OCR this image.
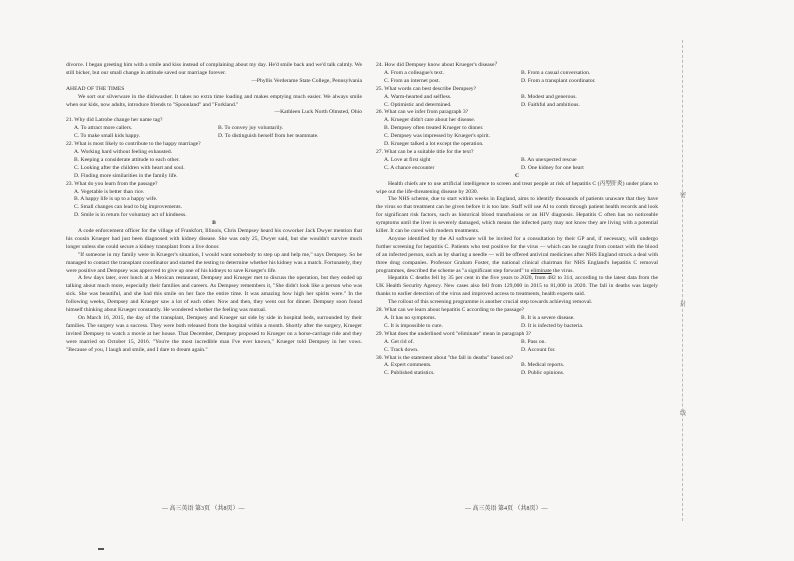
divorce. I began greeting him with a smile and kiss instead of complaining about my day. He'd smile back and we'd talk calmly. We still bicker, but our small change in attitude saved our marriage forever.

—Phyllis Verderame State College, Pennsylvania

AHEAD OF THE TIMES

We sort our silverware in the dishwasher. It takes no extra time loading and makes emptying much easier. We always smile when our kids, now adults, introduce friends to "Spoonland" and "Forkland."

—Kathleen Luck North Olmsted, Ohio

21. Why did Latrobe change her name tag?

A. To attract more callers.	B. To convey joy voluntarily.
C. To make small kids happy.	D. To distinguish herself from her teammate.

22. What is most likely to contribute to the happy marriage?

A. Working hard without feeling exhausted.
B. Keeping a considerate attitude to each other.
C. Looking after the children with heart and soul.
D. Finding more similarities in the family life.

23. What do you learn from the passage?

A. Vegetable is better than rice.
B. A happy life is up to a happy wife.
C. Small changes can lead to big improvements.
D. Smile is in return for voluntary act of kindness.

B

A code enforcement officer for the village of Frankfort, Illinois, Chris Dempsey heard his coworker Jack Dwyer mention that his cousin Krueger had just been diagnosed with kidney disease. She was only 25, Dwyer said, but she wouldn't survive much longer unless she could secure a kidney transplant from a live donor.

"If someone in my family were in Krueger's situation, I would want somebody to step up and help me," says Dempsey. So he managed to contact the transplant coordinator and started the testing to determine whether his kidney was a match. Fortunately, they were positive and Dempsey was approved to give up one of his kidneys to save Krueger's life.

A few days later, over lunch at a Mexican restaurant, Dempsey and Krueger met to discuss the operation, but they ended up talking about much more, especially their families and careers. As Dempsey remembers it, "She didn't look like a person who was sick. She was beautiful, and she had this smile on her face the entire time. It was amazing how high her spirits were." In the following weeks, Dempsey and Krueger saw a lot of each other. Now and then, they went out for dinner. Dempsey soon found himself thinking about Krueger constantly. He wondered whether the feeling was mutual.

On March 16, 2015, the day of the transplant, Dempsey and Krueger sat side by side in hospital beds, surrounded by their families. The surgery was a success. They were both released from the hospital within a month. Shortly after the surgery, Krueger invited Dempsey to watch a movie at her house. That December, Dempsey proposed to Krueger on a horse-carriage ride and they were married on October 15, 2016. "You're the most incredible man I've ever known," Krueger told Dempsey in her vows. "Because of you, I laugh and smile, and I dare to dream again."

24. How did Dempsey know about Krueger's disease？

A. From a colleague's text.	B. From a casual conversation.
C. From an internet post.	D. From a transplant coordinator.

25. What words can best describe Dempsey?

A. Warm-hearted and selfless.	B. Modest and generous.
C. Optimistic and determined.	D. Faithful and ambitious.

26. What can we infer from paragraph 3?

A. Krueger didn't care about her disease.
B. Dempsey often treated Krueger to dinner.
C. Dempsey was impressed by Krueger's spirit.
D. Krueger talked a lot except the operation.

27. What can be a suitable title for the text?

A. Love at first sight	B. An unexpected rescue
C. A chance encounter	D. One kidney for one heart

C

Health chiefs are to use artificial intelligence to screen and treat people at risk of hepatitis C (丙型肝炎) under plans to wipe out the life-threatening disease by 2030.

The NHS scheme, due to start within weeks in England, aims to identify thousands of patients unaware that they have the virus so that treatment can be given before it is too late. Staff will use AI to comb through patient health records and look for significant risk factors, such as historical blood transfusions or an HIV diagnosis. Hepatitis C often has no noticeable symptoms until the liver is severely damaged, which means the infected party may not know they are living with a potential killer. It can be cured with modern treatments.

Anyone identified by the AI software will be invited for a consultation by their GP and, if necessary, will undergo further screening for hepatitis C. Patients who test positive for the virus — which can be caught from contact with the blood of an infected person, such as by sharing a needle — will be offered antiviral medicines after NHS England struck a deal with three drug companies. Professor Graham Foster, the national clinical chairman for NHS England's hepatitis C removal programmes, described the scheme as "a significant step forward" to eliminate the virus.

Hepatitis C deaths fell by 35 per cent in the five years to 2020, from 482 to 314, according to the latest data from the UK Health Security Agency. New cases also fell from 129,000 in 2015 to 81,000 in 2020. The fall in deaths was largely thanks to earlier detection of the virus and improved access to treatments, health experts said.

The rollout of this screening programme is another crucial step towards achieving removal.

28. What can we learn about hepatitis C according to the passage?

A. It has no symptoms.	B. It is a severe disease.
C. It is impossible to cure.	D. It is infected by bacteria.

29. What does the underlined word "eliminate" mean in paragraph 3?

A. Get rid of.	B. Pass on.
C. Track down.	D. Account for.

30. What is the statement about "the fall in deaths" based on?

A. Expert comments.	B. Medical reports.
C. Published statistics.	D. Public opinions.
— 高三英语 第3页 （共8页）—	— 高三英语 第4页 （共8页）—
密
封
线
